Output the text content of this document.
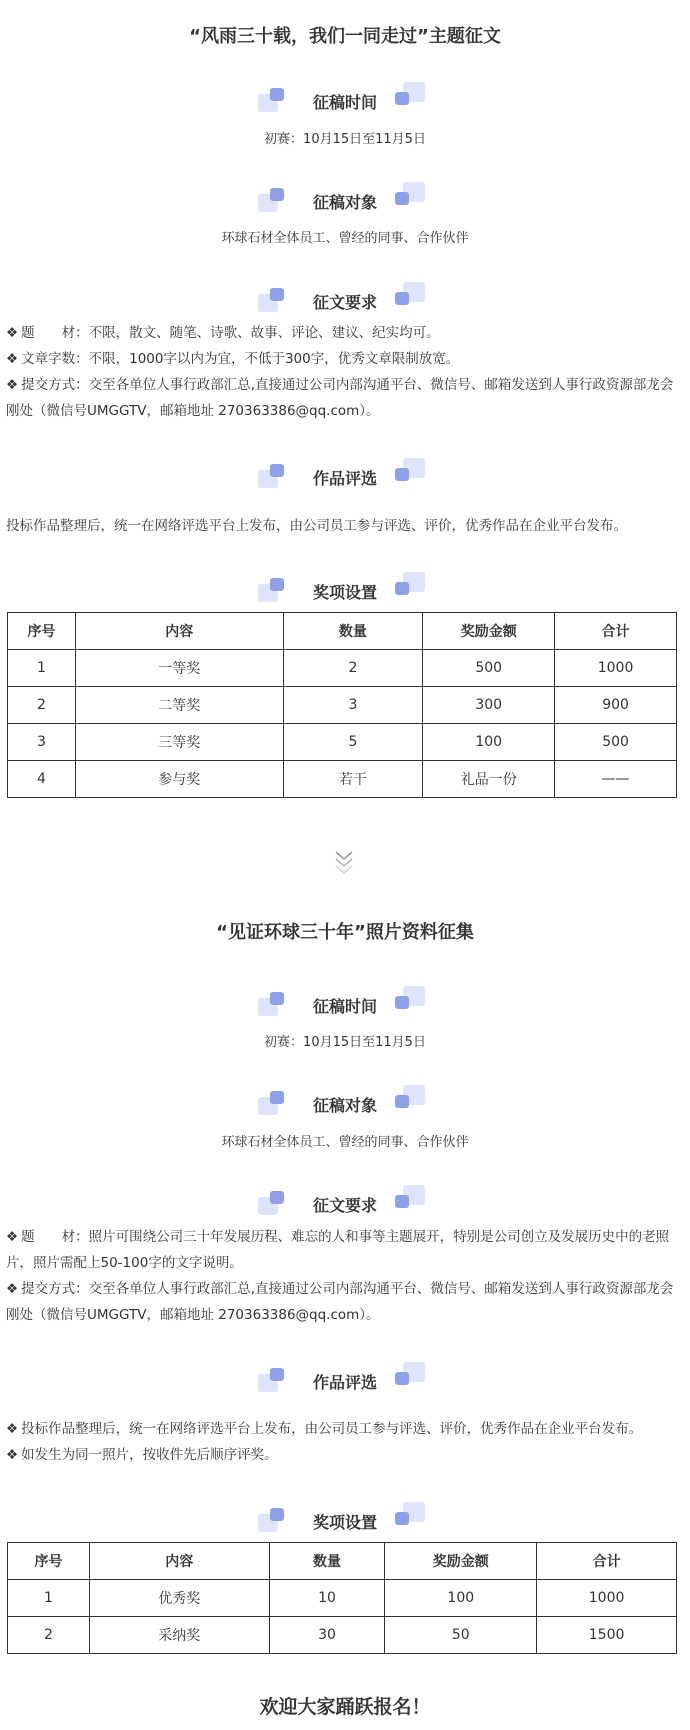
“风雨三十载，我们一同走过”主题征文
征稿时间
初赛：10月15日至11月5日
征稿对象
环球石材全体员工、曾经的同事、合作伙伴
征文要求
❖ 题　　材：不限，散文、随笔、诗歌、故事、评论、建议、纪实均可。
❖ 文章字数：不限，1000字以内为宜，不低于300字，优秀文章限制放宽。
❖ 提交方式：交至各单位人事行政部汇总,直接通过公司内部沟通平台、微信号、邮箱发送到人事行政资源部龙会刚处（微信号UMGGTV，邮箱地址 270363386@qq.com）。
作品评选
投标作品整理后，统一在网络评选平台上发布，由公司员工参与评选、评价，优秀作品在企业平台发布。
奖项设置
序号	内容	数量	奖励金额	合计
1	一等奖	2	500	1000
2	二等奖	3	300	900
3	三等奖	5	100	500
4	参与奖	若干	礼品一份	——
“见证环球三十年”照片资料征集
征稿时间
初赛：10月15日至11月5日
征稿对象
环球石材全体员工、曾经的同事、合作伙伴
征文要求
❖ 题　　材：照片可围绕公司三十年发展历程、难忘的人和事等主题展开，特别是公司创立及发展历史中的老照片，照片需配上50-100字的文字说明。
❖ 提交方式：交至各单位人事行政部汇总,直接通过公司内部沟通平台、微信号、邮箱发送到人事行政资源部龙会刚处（微信号UMGGTV，邮箱地址 270363386@qq.com）。
作品评选
❖ 投标作品整理后，统一在网络评选平台上发布，由公司员工参与评选、评价，优秀作品在企业平台发布。
❖ 如发生为同一照片，按收件先后顺序评奖。
奖项设置
序号	内容	数量	奖励金额	合计
1	优秀奖	10	100	1000
2	采纳奖	30	50	1500
欢迎大家踊跃报名！
